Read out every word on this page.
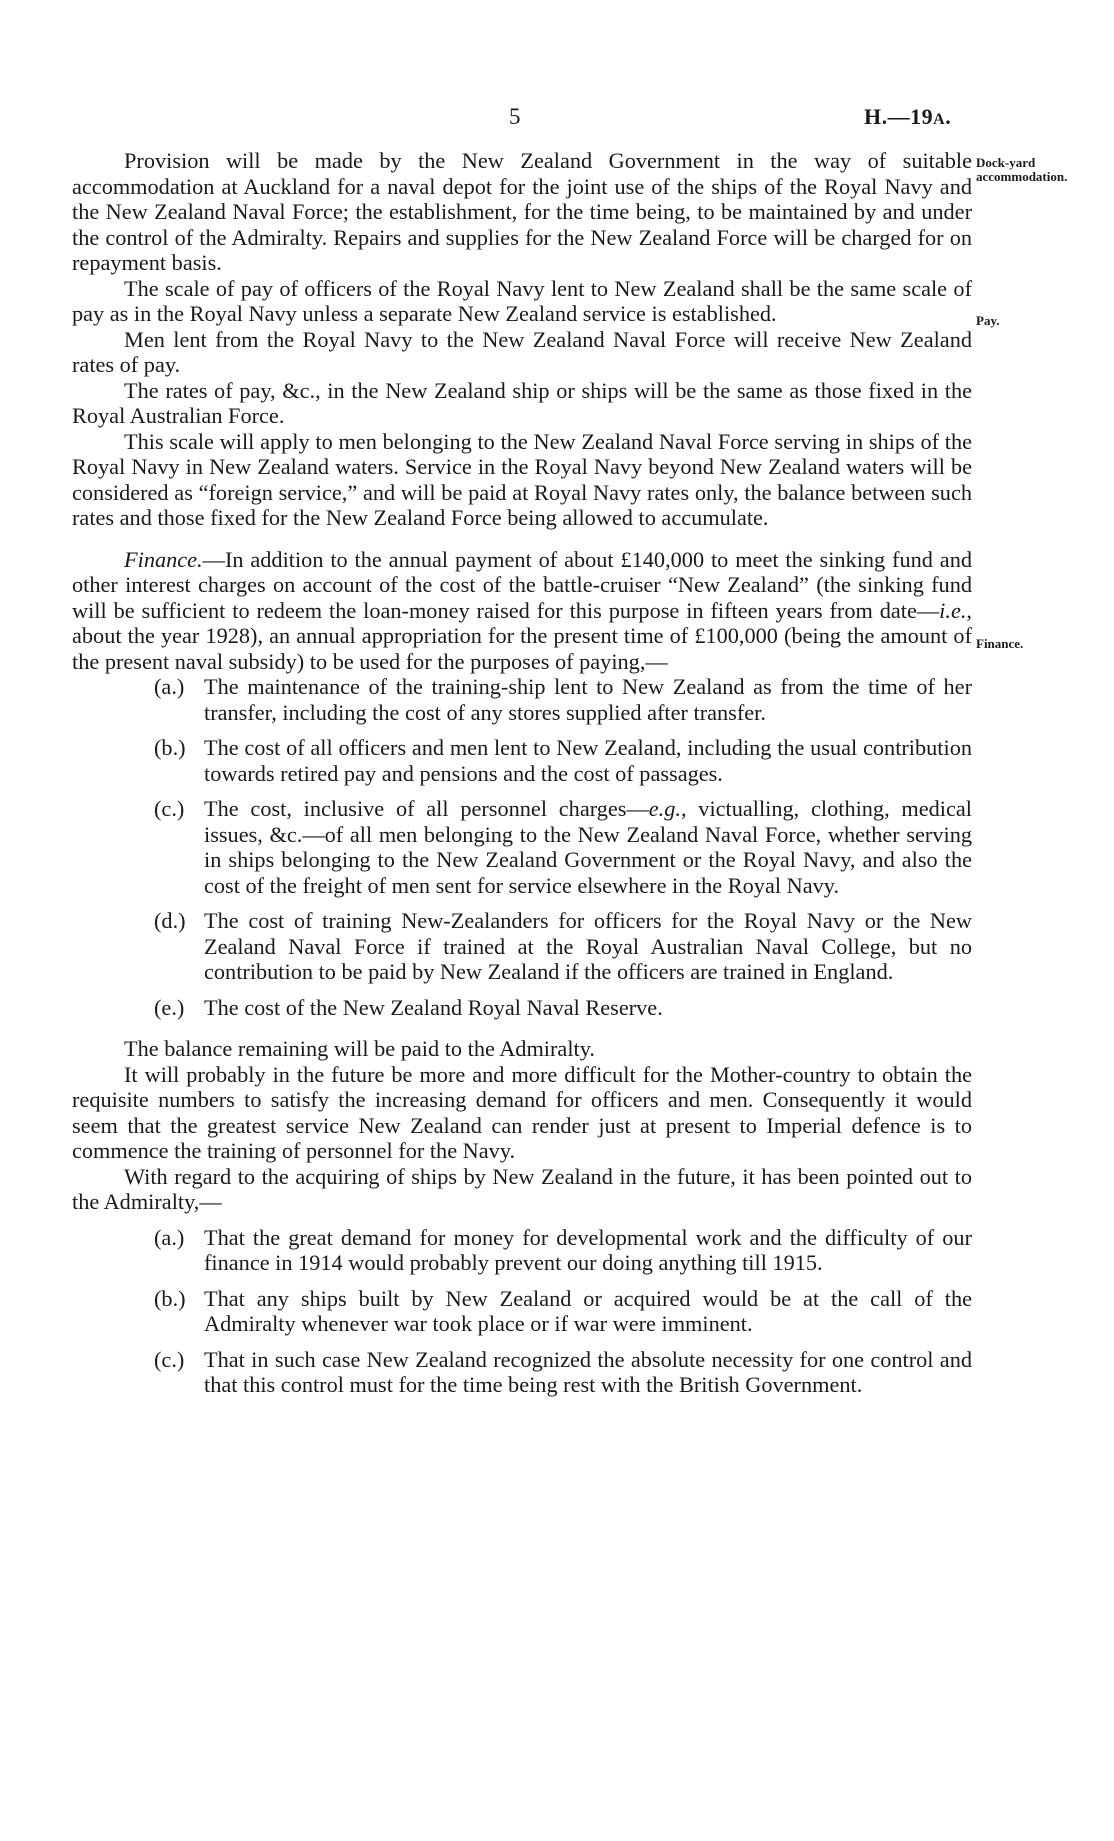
5	H.—19A.
Dock-yard
accommodation.
Pay.
Finance.

Provision will be made by the New Zealand Government in the way of suitable accommodation at Auckland for a naval depot for the joint use of the ships of the Royal Navy and the New Zealand Naval Force; the establishment, for the time being, to be maintained by and under the control of the Admiralty. Repairs and supplies for the New Zealand Force will be charged for on repayment basis.

The scale of pay of officers of the Royal Navy lent to New Zealand shall be the same scale of pay as in the Royal Navy unless a separate New Zealand service is established.

Men lent from the Royal Navy to the New Zealand Naval Force will receive New Zealand rates of pay.

The rates of pay, &c., in the New Zealand ship or ships will be the same as those fixed in the Royal Australian Force.

This scale will apply to men belonging to the New Zealand Naval Force serving in ships of the Royal Navy in New Zealand waters. Service in the Royal Navy beyond New Zealand waters will be considered as “foreign service,” and will be paid at Royal Navy rates only, the balance between such rates and those fixed for the New Zealand Force being allowed to accumulate.

Finance.—In addition to the annual payment of about £140,000 to meet the sinking fund and other interest charges on account of the cost of the battle-cruiser “New Zealand” (the sinking fund will be sufficient to redeem the loan-money raised for this purpose in fifteen years from date—i.e., about the year 1928), an annual appropriation for the present time of £100,000 (being the amount of the present naval subsidy) to be used for the purposes of paying,—

(a.) The maintenance of the training-ship lent to New Zealand as from the time of her transfer, including the cost of any stores supplied after transfer.

(b.) The cost of all officers and men lent to New Zealand, including the usual contribution towards retired pay and pensions and the cost of passages.

(c.) The cost, inclusive of all personnel charges—e.g., victualling, clothing, medical issues, &c.—of all men belonging to the New Zealand Naval Force, whether serving in ships belonging to the New Zealand Government or the Royal Navy, and also the cost of the freight of men sent for service elsewhere in the Royal Navy.

(d.) The cost of training New-Zealanders for officers for the Royal Navy or the New Zealand Naval Force if trained at the Royal Australian Naval College, but no contribution to be paid by New Zealand if the officers are trained in England.

(e.) The cost of the New Zealand Royal Naval Reserve.

The balance remaining will be paid to the Admiralty.

It will probably in the future be more and more difficult for the Mother-country to obtain the requisite numbers to satisfy the increasing demand for officers and men. Consequently it would seem that the greatest service New Zealand can render just at present to Imperial defence is to commence the training of personnel for the Navy.

With regard to the acquiring of ships by New Zealand in the future, it has been pointed out to the Admiralty,—

(a.) That the great demand for money for developmental work and the difficulty of our finance in 1914 would probably prevent our doing anything till 1915.

(b.) That any ships built by New Zealand or acquired would be at the call of the Admiralty whenever war took place or if war were imminent.

(c.) That in such case New Zealand recognized the absolute necessity for one control and that this control must for the time being rest with the British Government.
